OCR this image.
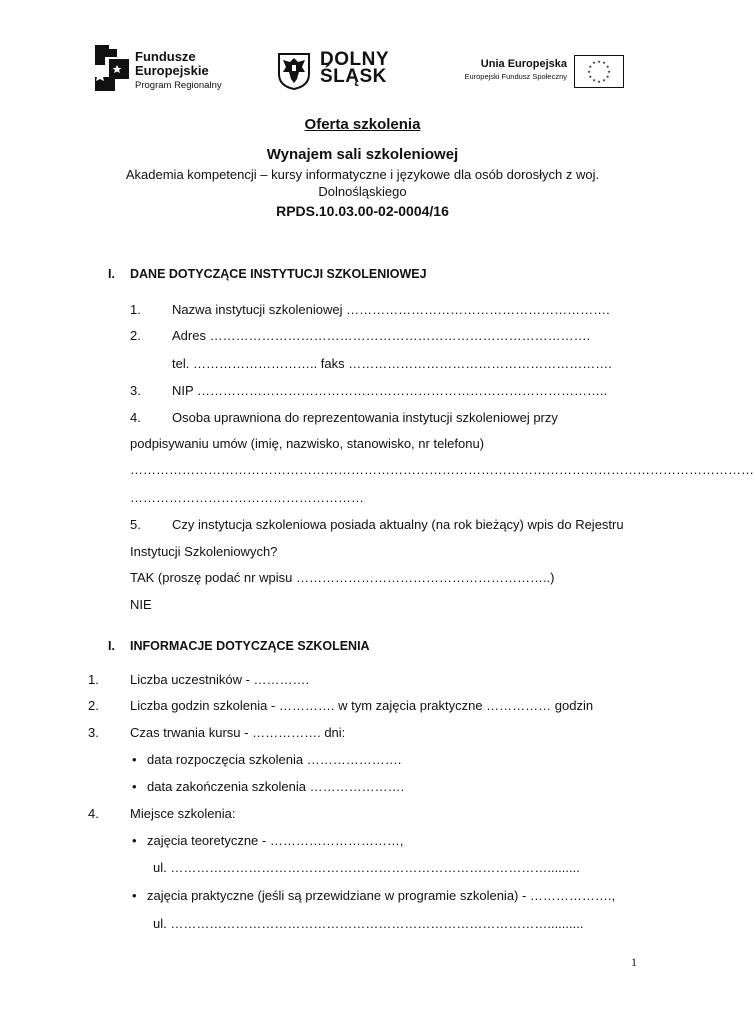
Fundusze
Europejskie
Program Regionalny
DOLNY
ŚLĄSK
Unia Europejska
Europejski Fundusz Społeczny
★
★
★
★
★
★
★
★
★ ★ ★
★
Oferta szkolenia
Wynajem sali szkoleniowej
Akademia kompetencji – kursy informatyczne i językowe dla osób dorosłych z woj.
Dolnośląskiego
RPDS.10.03.00-02-0004/16
I. DANE DOTYCZĄCE INSTYTUCJI SZKOLENIOWEJ
1. Nazwa instytucji szkoleniowej …………………………………………………….
2. Adres …………………………………………………………………………….
tel. ……………………….. faks …………………………………………………….
3. NIP …………………………………………………………………………………..
4. Osoba uprawniona do reprezentowania instytucji szkoleniowej przy
podpisywaniu umów (imię, nazwisko, stanowisko, nr telefonu)
………………………………………………………………………………………………………………………………
………………………………………………
5. Czy instytucja szkoleniowa posiada aktualny (na rok bieżący) wpis do Rejestru
Instytucji Szkoleniowych?
TAK (proszę podać nr wpisu …………………………………………………..)
NIE
I. INFORMACJE DOTYCZĄCE SZKOLENIA
1. Liczba uczestników - ………….
2. Liczba godzin szkolenia - …………. w tym zajęcia praktyczne …………… godzin
3. Czas trwania kursu - ……………. dni:
• data rozpoczęcia szkolenia ………………….
• data zakończenia szkolenia ………………….
4. Miejsce szkolenia:
• zajęcia teoretyczne - …………………………,
ul. …………………………………………………………………………….........
• zajęcia praktyczne (jeśli są przewidziane w programie szkolenia) - ……………….,
ul. ……………………………………………………………………………..........
1
